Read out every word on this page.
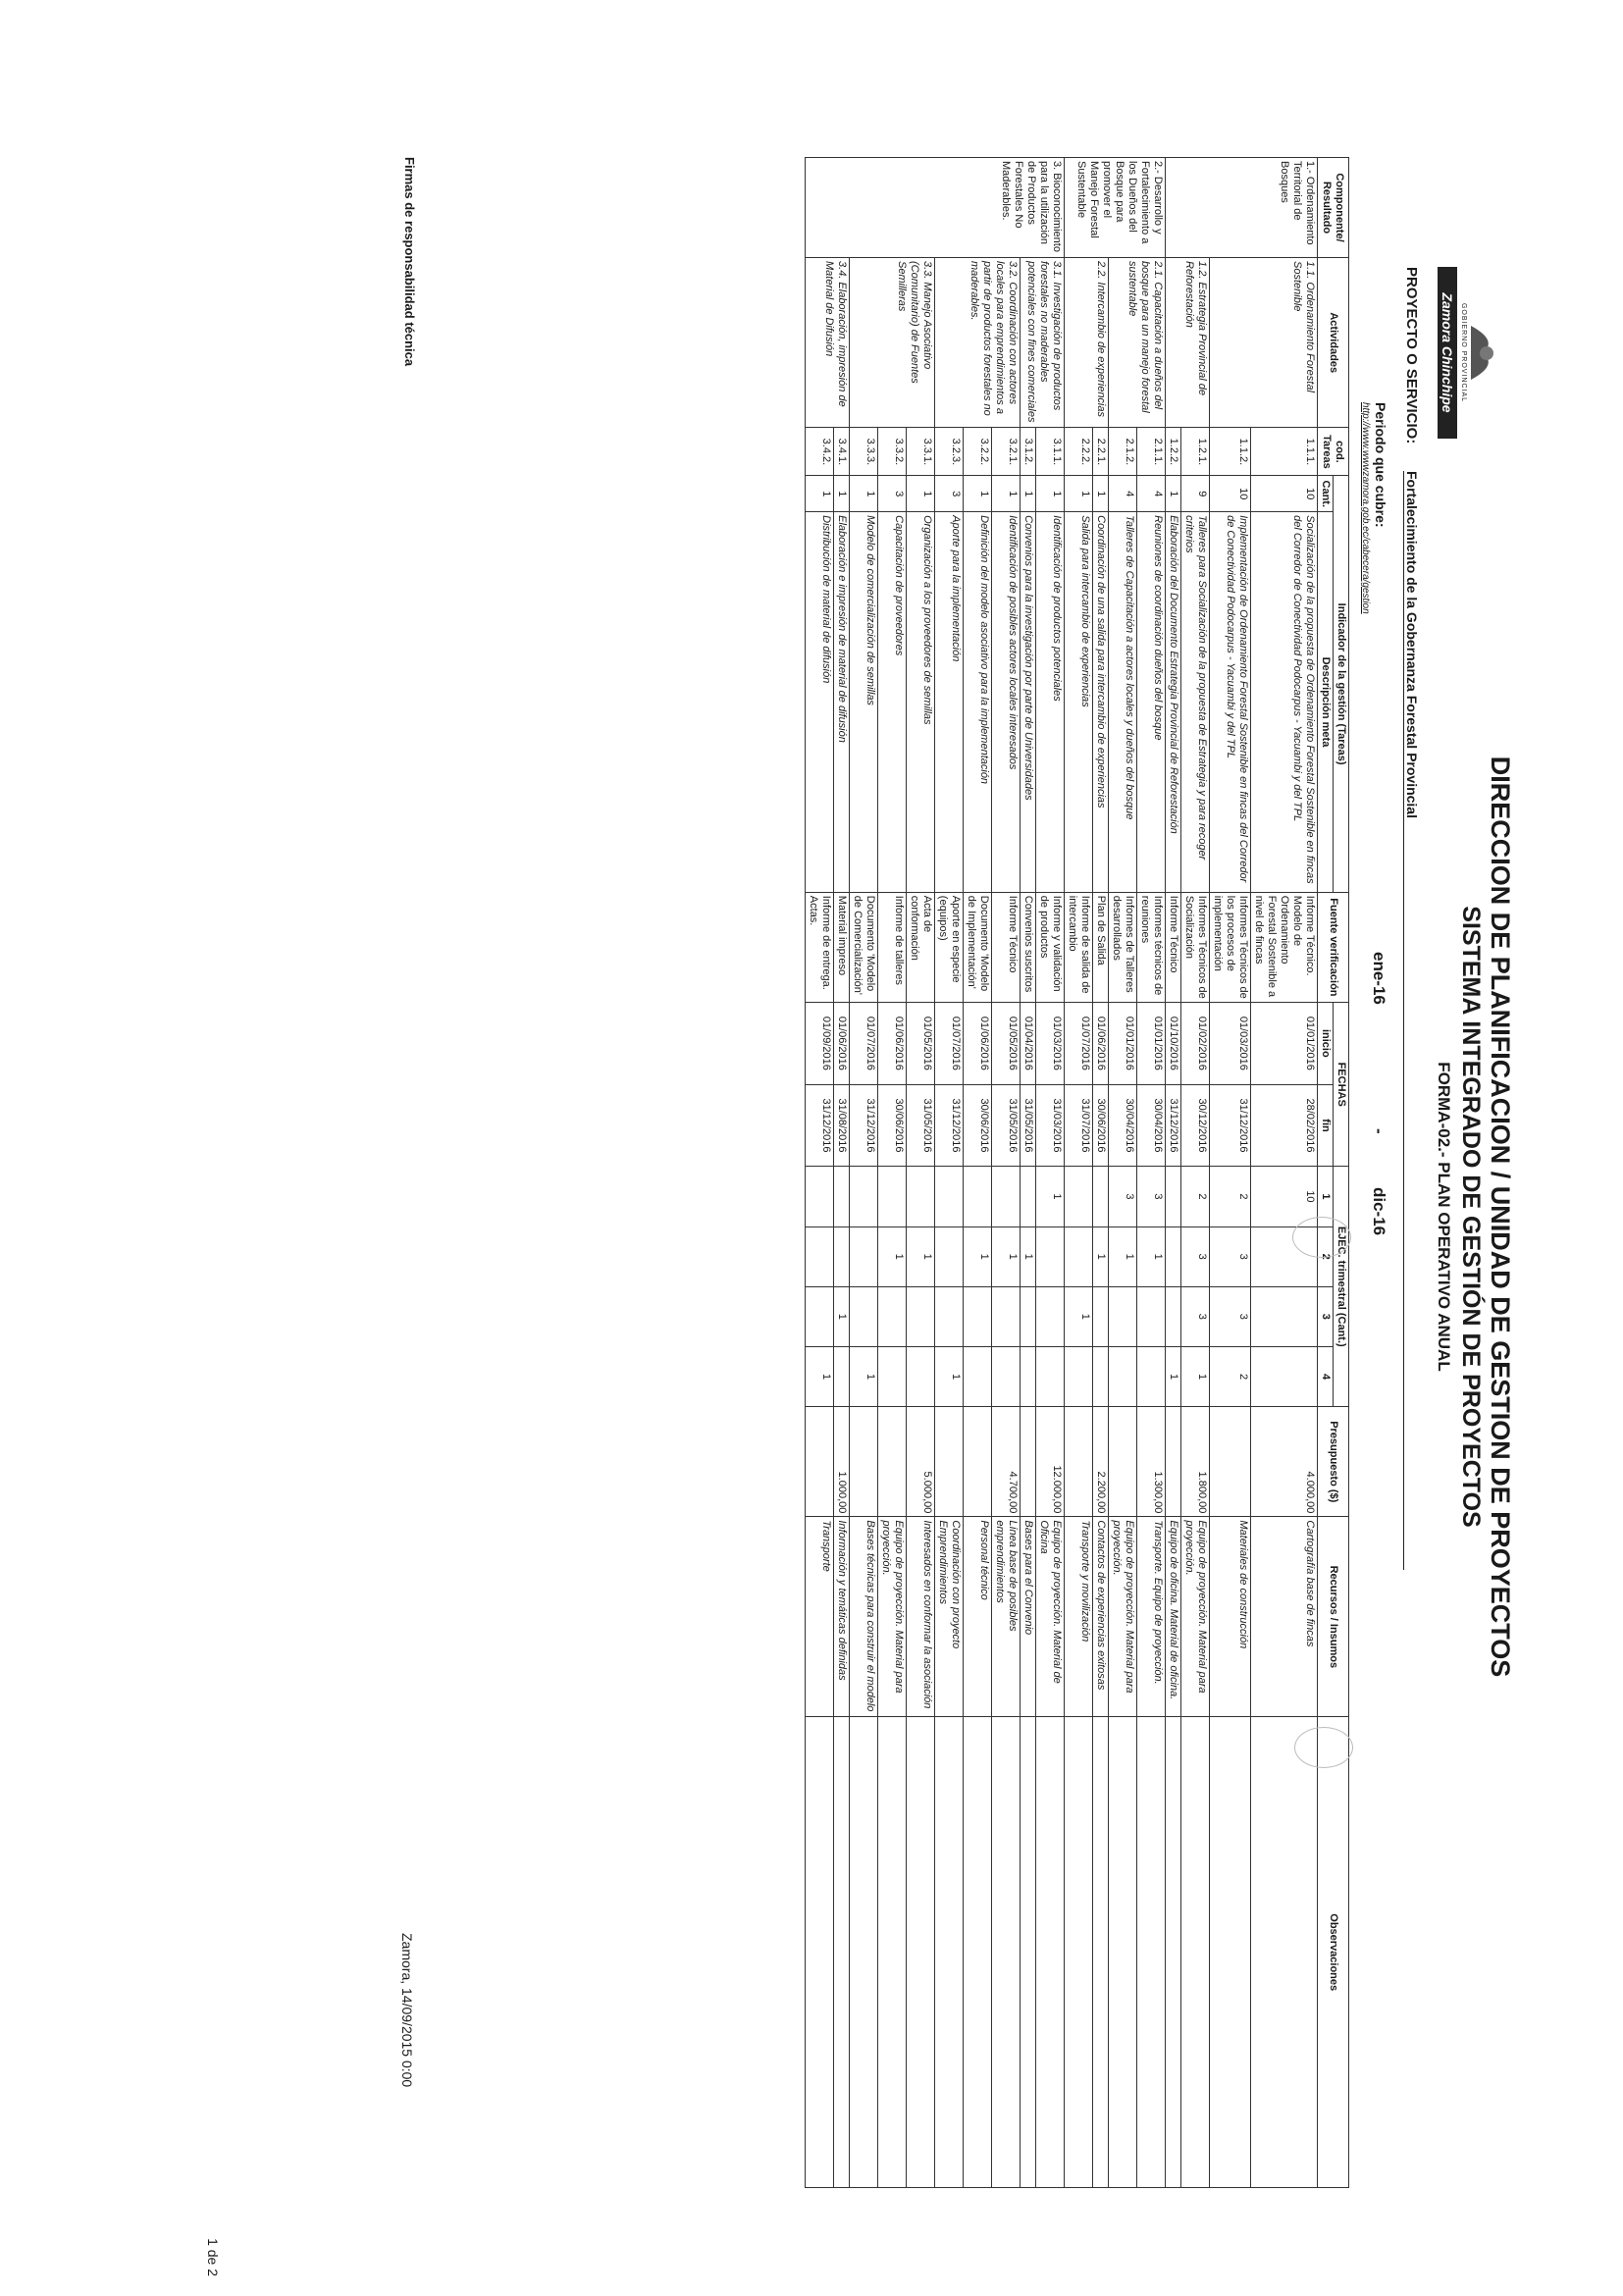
DIRECCION DE PLANIFICACION / UNIDAD DE GESTION DE PROYECTOS
SISTEMA INTEGRADO DE GESTIÓN DE PROYECTOS
FORMA-02.- PLAN OPERATIVO ANUAL
GOBIERNO PROVINCIAL
Zamora Chinchipe
PROYECTO O SERVICIO:
Fortalecimiento de la Gobernanza Forestal Provincial
Periodo que cubre:
http://www.wwwzamora.gob.ec/cabecera/gestion
ene-16
-
dic-16
Componente/ Resultado	Actividades	cod. Tareas	Indicador de la gestión (Tareas)		Fuente verificación	FECHAS		EJEC. trimestral (Cant.)				Presupuesto ($)	Recursos / Insumos	Observaciones
			Cant.	Descripción meta		inicio	fin	1	2	3	4			
1.- Ordenamiento Territorial de Bosques	1.1. Ordenamiento Forestal Sostenible	1.1.1.	10	Socialización de la propuesta de Ordenamiento Forestal Sostenible en fincas del Corredor de Conectividad Podocarpus - Yacuambi y del TPL	Informe Técnico. Modelo de Ordenamiento Forestal Sostenible a nivel de fincas	01/01/2016	28/02/2016	10				4.000,00	Cartografía base de fincas	
		1.1.2.	10	Implementación de Ordenamiento Forestal Sostenible en fincas del Corredor de Conectividad Podocarpus - Yacuambi y del TPL	Informes Técnicos de los procesos de implementación	01/03/2016	31/12/2016	2	3	3	2		Materiales de construcción	
	1.2. Estrategia Provincial de Reforestación	1.2.1.	9	Talleres para Socialización de la propuesta de Estrategia y para recoger criterios	Informes Técnicos de Socialización	01/02/2016	30/12/2016	2	3	3	1	1.800,00	Equipo de proyección. Material para proyección.	
		1.2.2.	1	Elaboración del Documento Estrategia Provincial de Reforestación	Informe Técnico	01/10/2016	31/12/2016				1		Equipo de oficina. Material de oficina.	
2.- Desarrollo y Fortalecimiento a los Dueños del Bosque para promover el Manejo Forestal Sustentable	2.1. Capacitación a dueños del bosque para un manejo forestal sustentable	2.1.1.	4	Reuniones de coordinación dueños del bosque	Informes técnicos de reuniones	01/01/2016	30/04/2016	3	1			1.300,00	Transporte. Equipo de proyección.	
		2.1.2.	4	Talleres de Capacitación a actores locales y dueños del bosque	Informes de Talleres desarrollados	01/01/2016	30/04/2016	3	1				Equipo de proyección. Material para proyección.	
	2.2. Intercambio de experiencias	2.2.1.	1	Coordinación de una salida para intercambio de experiencias	Plan de Salida	01/06/2016	30/06/2016		1			2.200,00	Contactos de experiencias exitosas	
		2.2.2.	1	Salida para intercambio de experiencias	Informe de salida de intercambio	01/07/2016	31/07/2016			1			Transporte y movilización	
3. Bioconocimiento para la utilización de Productos Forestales No Maderables.	3.1. Investigación de productos forestales no maderables potenciales con fines comerciales	3.1.1.	1	Identificación de productos potenciales	Informe y validación de productos	01/03/2016	31/03/2016	1				12.000,00	Equipo de proyección. Material de Oficina	
		3.1.2.	1	Convenios para la investigación por parte de Universidades	Convenios suscritos	01/04/2016	31/05/2016		1				Bases para el Convenio	
	3.2. Coordinación con actores locales para emprendimientos a partir de productos forestales no maderables.	3.2.1.	1	Identificación de posibles actores locales interesados	Informe Técnico	01/05/2016	31/05/2016		1			4.700,00	Línea base de posibles emprendimientos	
		3.2.2.	1	Definición del modelo asociativo para la implementación	Documento 'Modelo de Implementación'	01/06/2016	30/06/2016		1				Personal técnico	
		3.2.3.	3	Aporte para la implementación	Aporte en especie (equipos)	01/07/2016	31/12/2016				1		Coordinación con proyecto Emprendimientos	
	3.3. Manejo Asociativo (Comunitario) de Fuentes Semilleras	3.3.1.	1	Organización a los proveedores de semillas	Acta de conformación	01/05/2016	31/05/2016		1			5.000,00	Interesados en conformar la asociación	
		3.3.2.	3	Capacitación de proveedores	Informe de talleres	01/06/2016	30/06/2016		1				Equipo de proyección. Material para proyección.	
		3.3.3.	1	Modelo de comercialización de semillas	Documento 'Modelo de Comercialización'	01/07/2016	31/12/2016				1		Bases técnicas para construir el modelo	
	3.4. Elaboración, impresión de Material de Difusión	3.4.1.	1	Elaboración e impresión de material de difusión	Material impreso	01/06/2016	31/08/2016			1		1.000,00	Información y temáticas definidas	
		3.4.2.	1	Distribución de material de difusión	Informe de entrega. Actas.	01/09/2016	31/12/2016				1		Transporte	
Firmas de responsabilidad técnica
Zamora, 14/09/2015 0:00
1 de 2
